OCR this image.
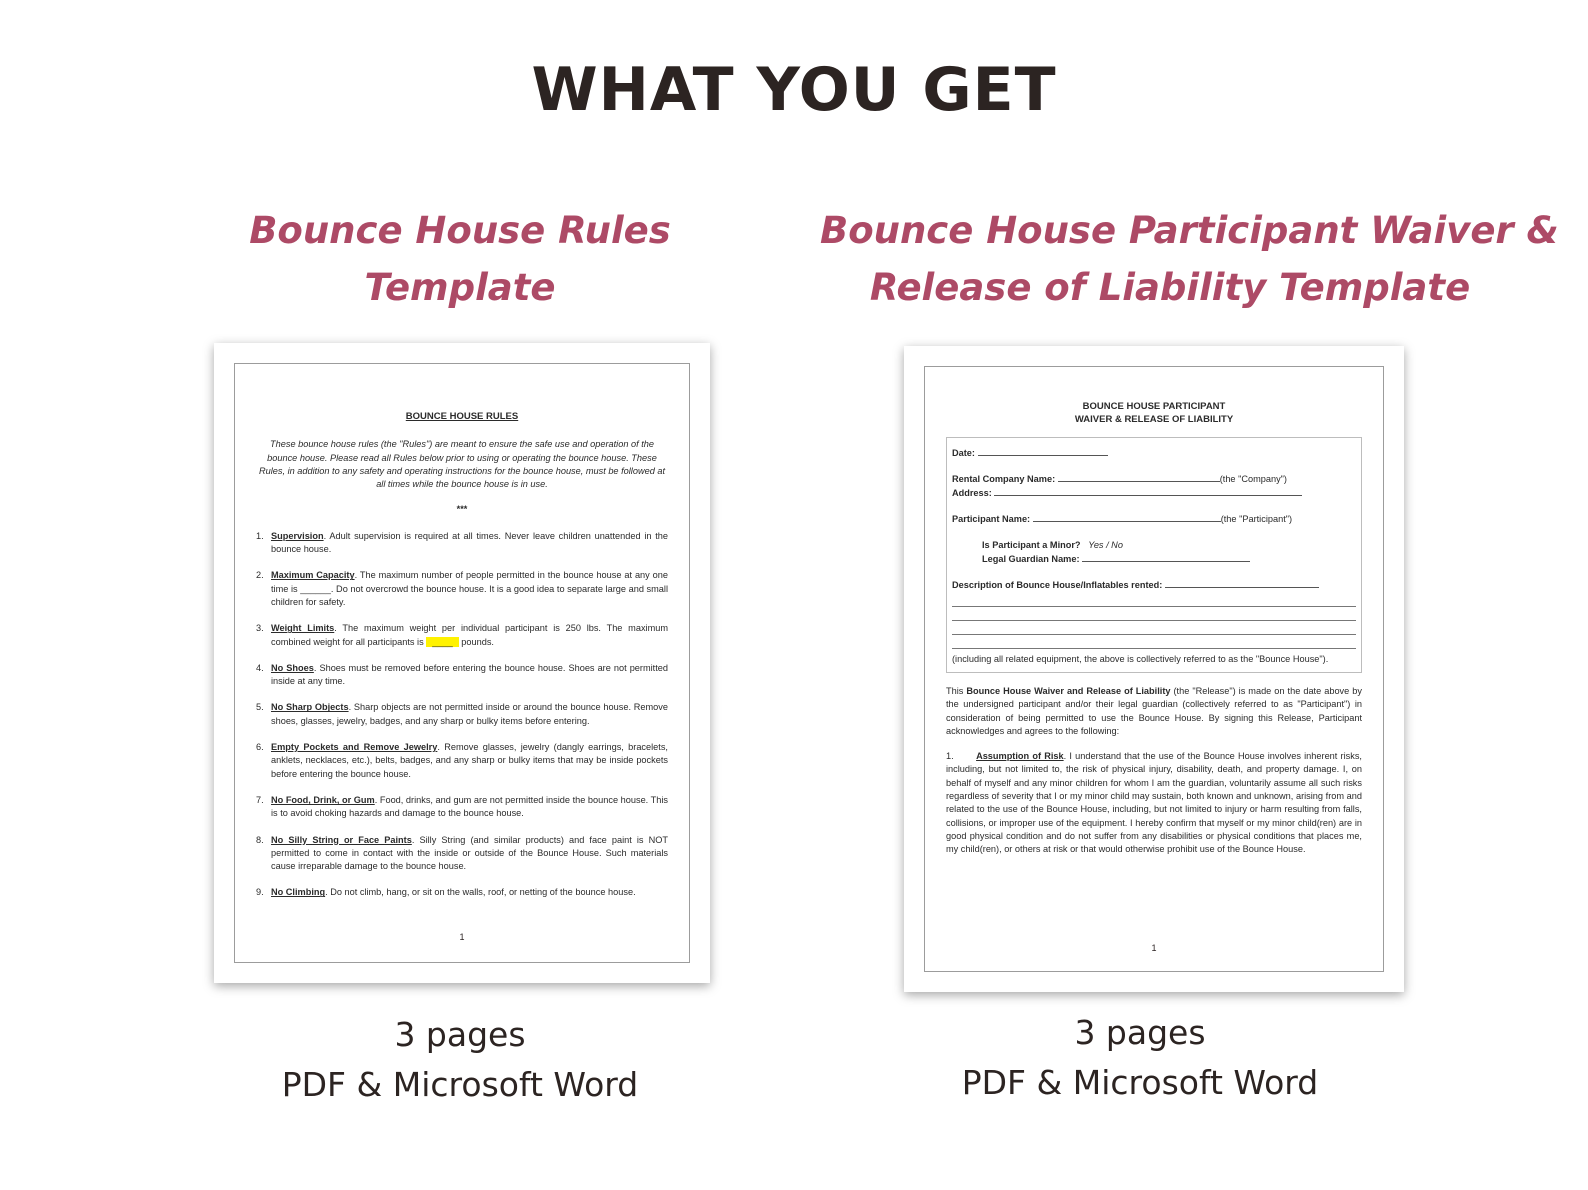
WHAT YOU GET
Bounce House Rules
Template
Bounce House Participant Waiver &
Release of Liability Template
BOUNCE HOUSE RULES
These bounce house rules (the "Rules") are meant to ensure the safe use and operation of the bounce house. Please read all Rules below prior to using or operating the bounce house. These Rules, in addition to any safety and operating instructions for the bounce house, must be followed at all times while the bounce house is in use.
***
1. Supervision. Adult supervision is required at all times. Never leave children unattended in the bounce house.
2. Maximum Capacity. The maximum number of people permitted in the bounce house at any one time is ______. Do not overcrowd the bounce house. It is a good idea to separate large and small children for safety.
3. Weight Limits. The maximum weight per individual participant is 250 lbs. The maximum combined weight for all participants is ____ pounds.
4. No Shoes. Shoes must be removed before entering the bounce house. Shoes are not permitted inside at any time.
5. No Sharp Objects. Sharp objects are not permitted inside or around the bounce house. Remove shoes, glasses, jewelry, badges, and any sharp or bulky items before entering.
6. Empty Pockets and Remove Jewelry. Remove glasses, jewelry (dangly earrings, bracelets, anklets, necklaces, etc.), belts, badges, and any sharp or bulky items that may be inside pockets before entering the bounce house.
7. No Food, Drink, or Gum. Food, drinks, and gum are not permitted inside the bounce house. This is to avoid choking hazards and damage to the bounce house.
8. No Silly String or Face Paints. Silly String (and similar products) and face paint is NOT permitted to come in contact with the inside or outside of the Bounce House. Such materials cause irreparable damage to the bounce house.
9. No Climbing. Do not climb, hang, or sit on the walls, roof, or netting of the bounce house.
1
BOUNCE HOUSE PARTICIPANT
WAIVER & RELEASE OF LIABILITY
Date:
Rental Company Name:	(the "Company")
Address:
Participant Name:	(the "Participant")
Is Participant a Minor? Yes / No
Legal Guardian Name:
Description of Bounce House/Inflatables rented:
(including all related equipment, the above is collectively referred to as the "Bounce House").
This Bounce House Waiver and Release of Liability (the "Release") is made on the date above by the undersigned participant and/or their legal guardian (collectively referred to as "Participant") in consideration of being permitted to use the Bounce House. By signing this Release, Participant acknowledges and agrees to the following:
1. Assumption of Risk. I understand that the use of the Bounce House involves inherent risks, including, but not limited to, the risk of physical injury, disability, death, and property damage. I, on behalf of myself and any minor children for whom I am the guardian, voluntarily assume all such risks regardless of severity that I or my minor child may sustain, both known and unknown, arising from and related to the use of the Bounce House, including, but not limited to injury or harm resulting from falls, collisions, or improper use of the equipment. I hereby confirm that myself or my minor child(ren) are in good physical condition and do not suffer from any disabilities or physical conditions that places me, my child(ren), or others at risk or that would otherwise prohibit use of the Bounce House.
1
3 pages
PDF & Microsoft Word
3 pages
PDF & Microsoft Word
